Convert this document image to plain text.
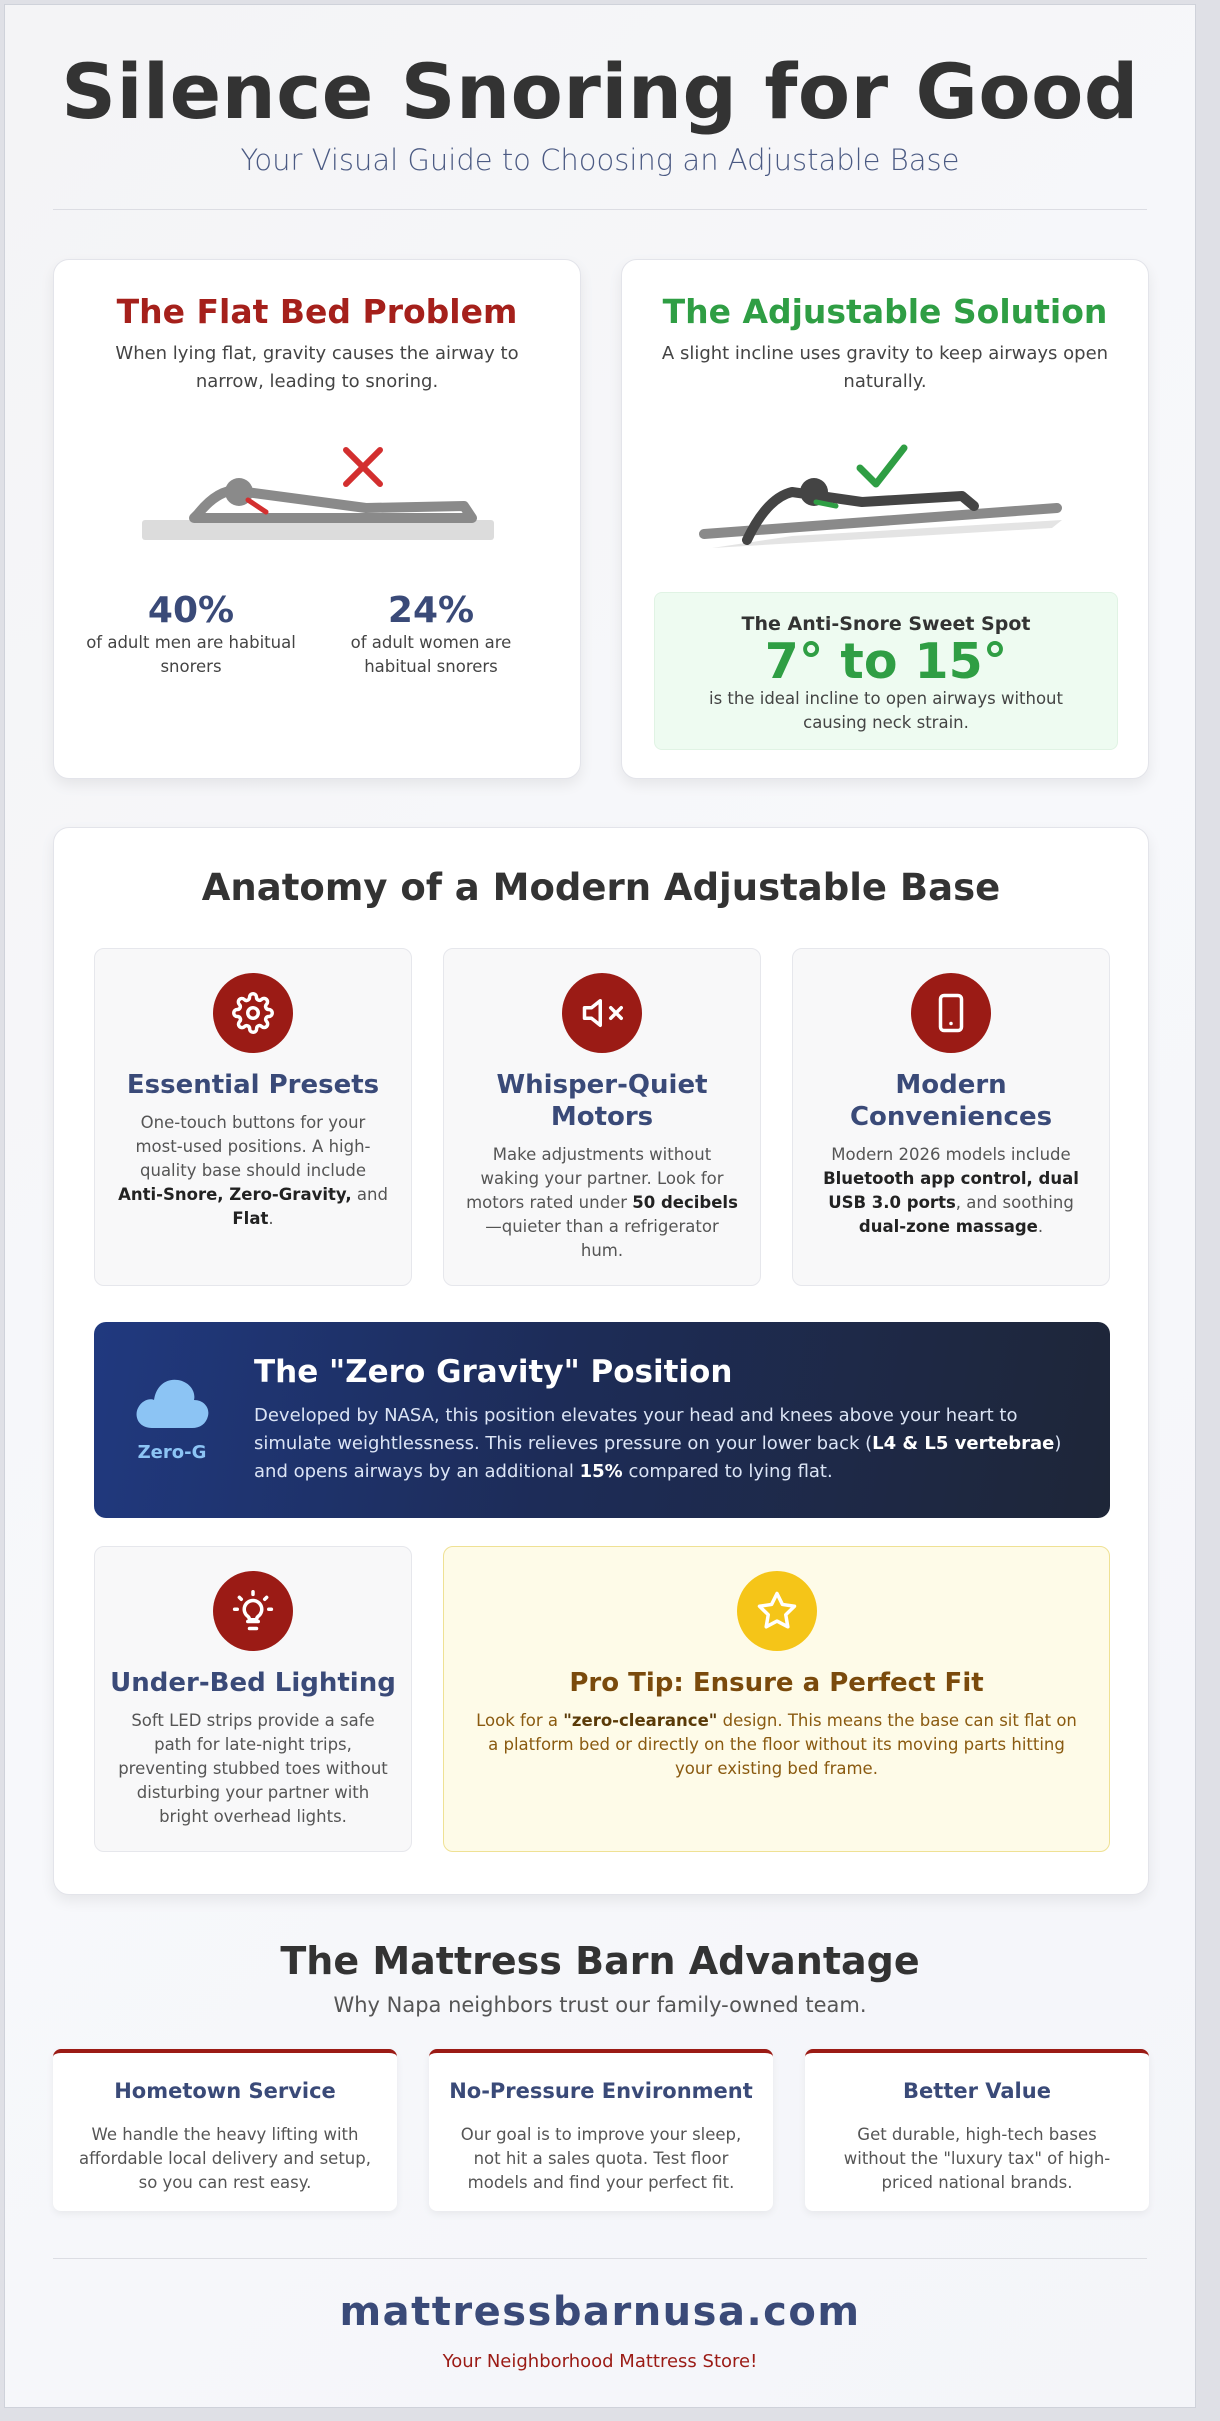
Silence Snoring for Good
Your Visual Guide to Choosing an Adjustable Base
The Flat Bed Problem
When lying flat, gravity causes the airway to narrow, leading to snoring.
40%
of adult men are habitual snorers
24%
of adult women are habitual snorers
The Adjustable Solution
A slight incline uses gravity to keep airways open naturally.
The Anti-Snore Sweet Spot
7° to 15°
is the ideal incline to open airways without causing neck strain.
Anatomy of a Modern Adjustable Base
Essential Presets
One-touch buttons for your most-used positions. A high-quality base should include Anti-Snore, Zero-Gravity, and Flat.
Whisper-Quiet Motors
Make adjustments without waking your partner. Look for motors rated under 50 decibels—quieter than a refrigerator hum.
Modern Conveniences
Modern 2026 models include Bluetooth app control, dual USB 3.0 ports, and soothing dual-zone massage.
Zero-G
The "Zero Gravity" Position
Developed by NASA, this position elevates your head and knees above your heart to simulate weightlessness. This relieves pressure on your lower back (L4 & L5 vertebrae) and opens airways by an additional 15% compared to lying flat.
Under-Bed Lighting
Soft LED strips provide a safe path for late-night trips, preventing stubbed toes without disturbing your partner with bright overhead lights.
Pro Tip: Ensure a Perfect Fit
Look for a "zero-clearance" design. This means the base can sit flat on a platform bed or directly on the floor without its moving parts hitting your existing bed frame.
The Mattress Barn Advantage
Why Napa neighbors trust our family-owned team.
Hometown Service
We handle the heavy lifting with affordable local delivery and setup, so you can rest easy.
No-Pressure Environment
Our goal is to improve your sleep, not hit a sales quota. Test floor models and find your perfect fit.
Better Value
Get durable, high-tech bases without the "luxury tax" of high-priced national brands.
mattressbarnusa.com
Your Neighborhood Mattress Store!
